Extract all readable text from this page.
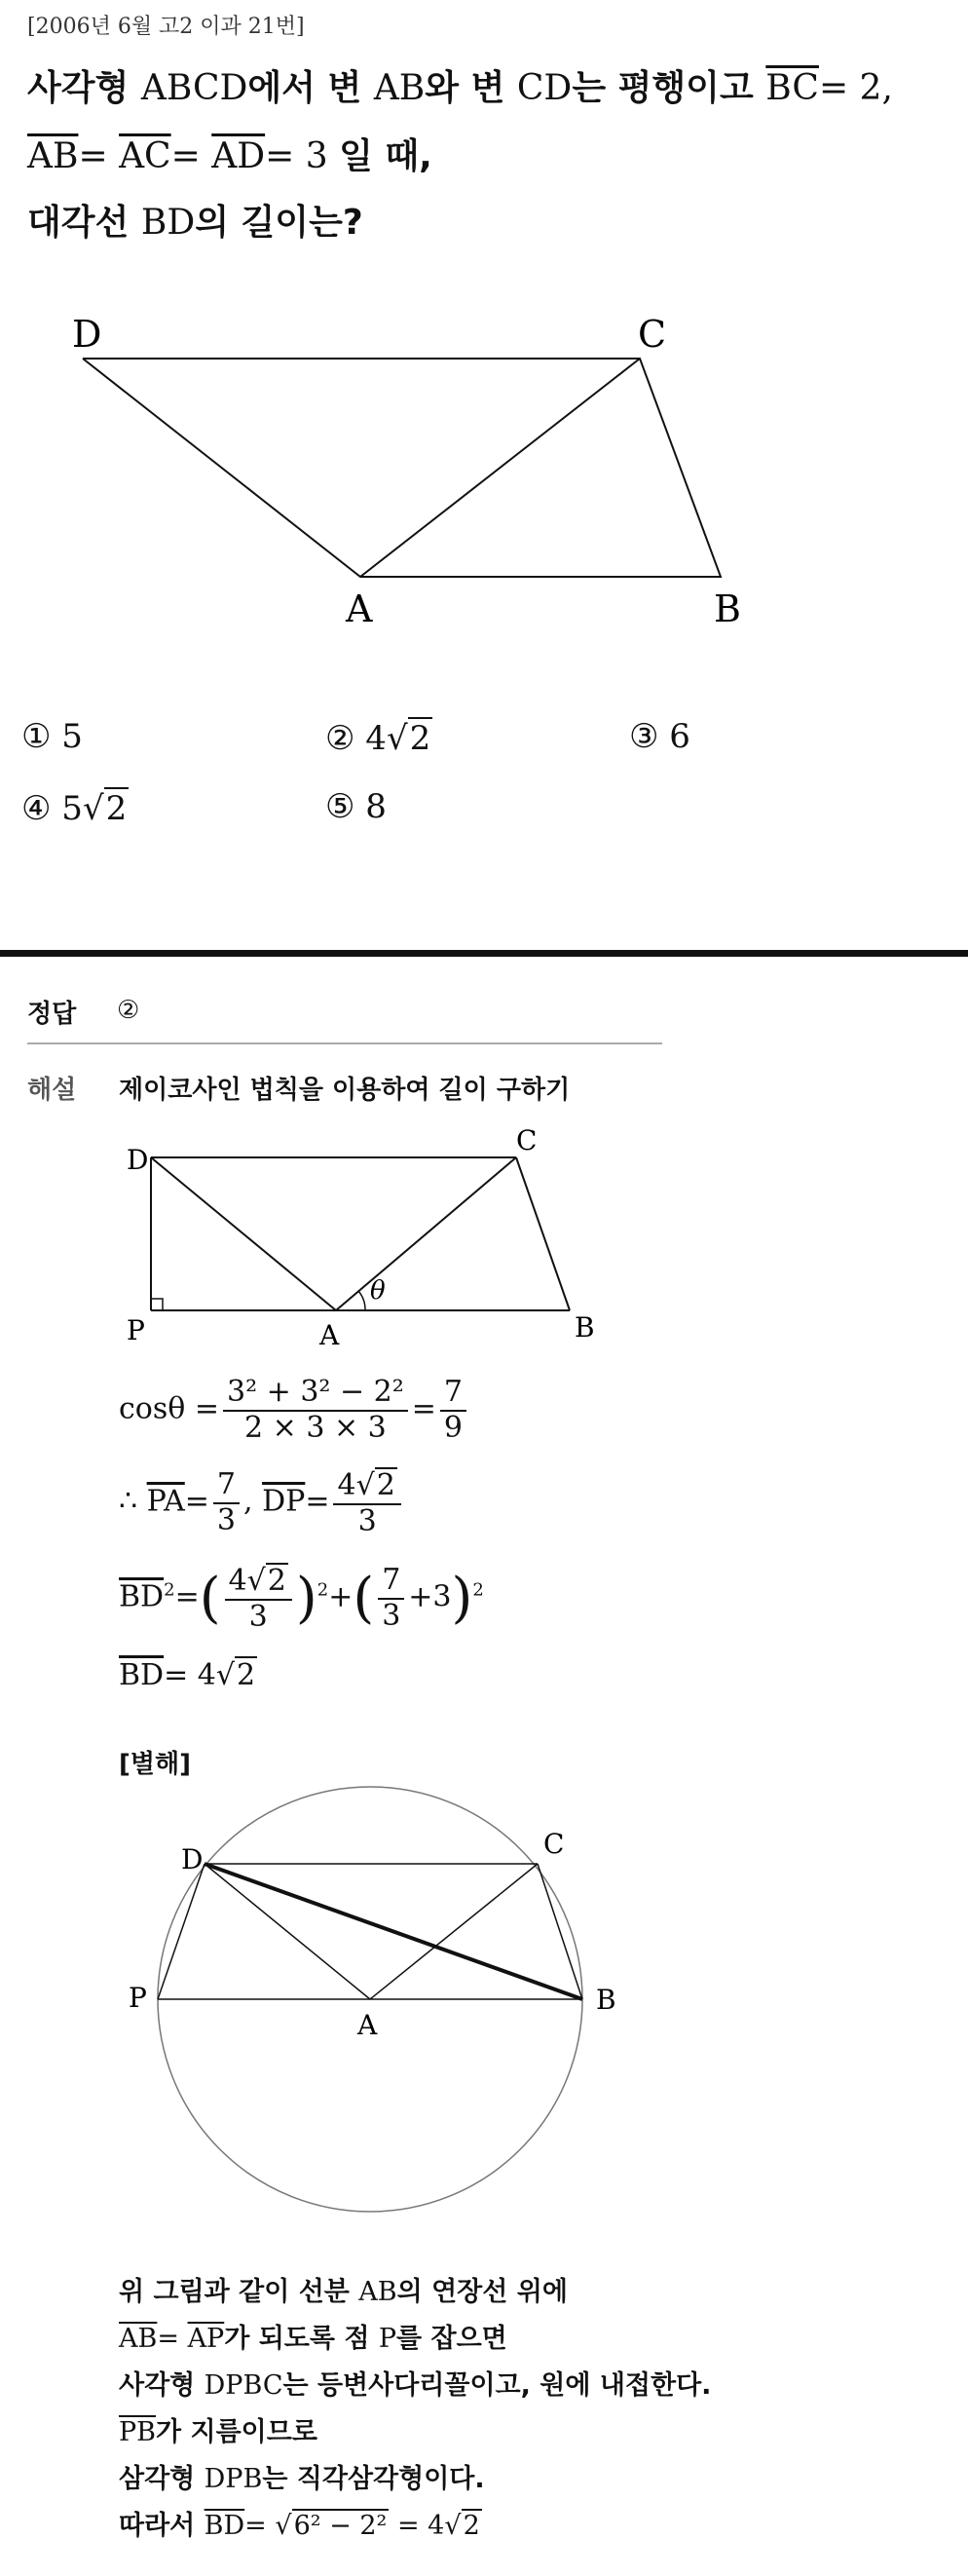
[2006년 6월 고2 이과 21번]
사각형 ABCD에서 변 AB와 변 CD는 평행이고 $\overline{BC}= 2$,
$\overline{AB}= \overline{AC}= \overline{AD}= 3$ 일 때,
대각선 BD의 길이는?
D	C
A	B
① 5	② 4√2	③ 6
④ 5√2	⑤ 8
정답 ②
해설 제이코사인 법칙을 이용하여 길이 구하기
D
C
P	A	B
θ
$\cos\theta = \frac{\text{3² + 3² − 2²}}{2 \times 3 \times 3} = \frac{7}{9}$
∴ $\overline{PA}= \frac{7}{3}$ , $\overline{DP}= \frac{4√2}{3}$
$\overline{BD}^2=( \frac{4√2}{3} )^2+( \frac{7}{3} +3)^2$
$\overline{BD}= 4√2$
[별해]
D	C
P
A
B
위 그림과 같이 선분 AB의 연장선 위에
$\overline{AB}= \overline{AP}$가 되도록 점 P를 잡으면
사각형 DPBC는 등변사다리꼴이고, 원에 내접한다.
$\overline{PB}$가 지름이므로
삼각형 DPB는 직각삼각형이다.
따라서 $\overline{BD}= √6^2 - 2^2 = 4√2$
